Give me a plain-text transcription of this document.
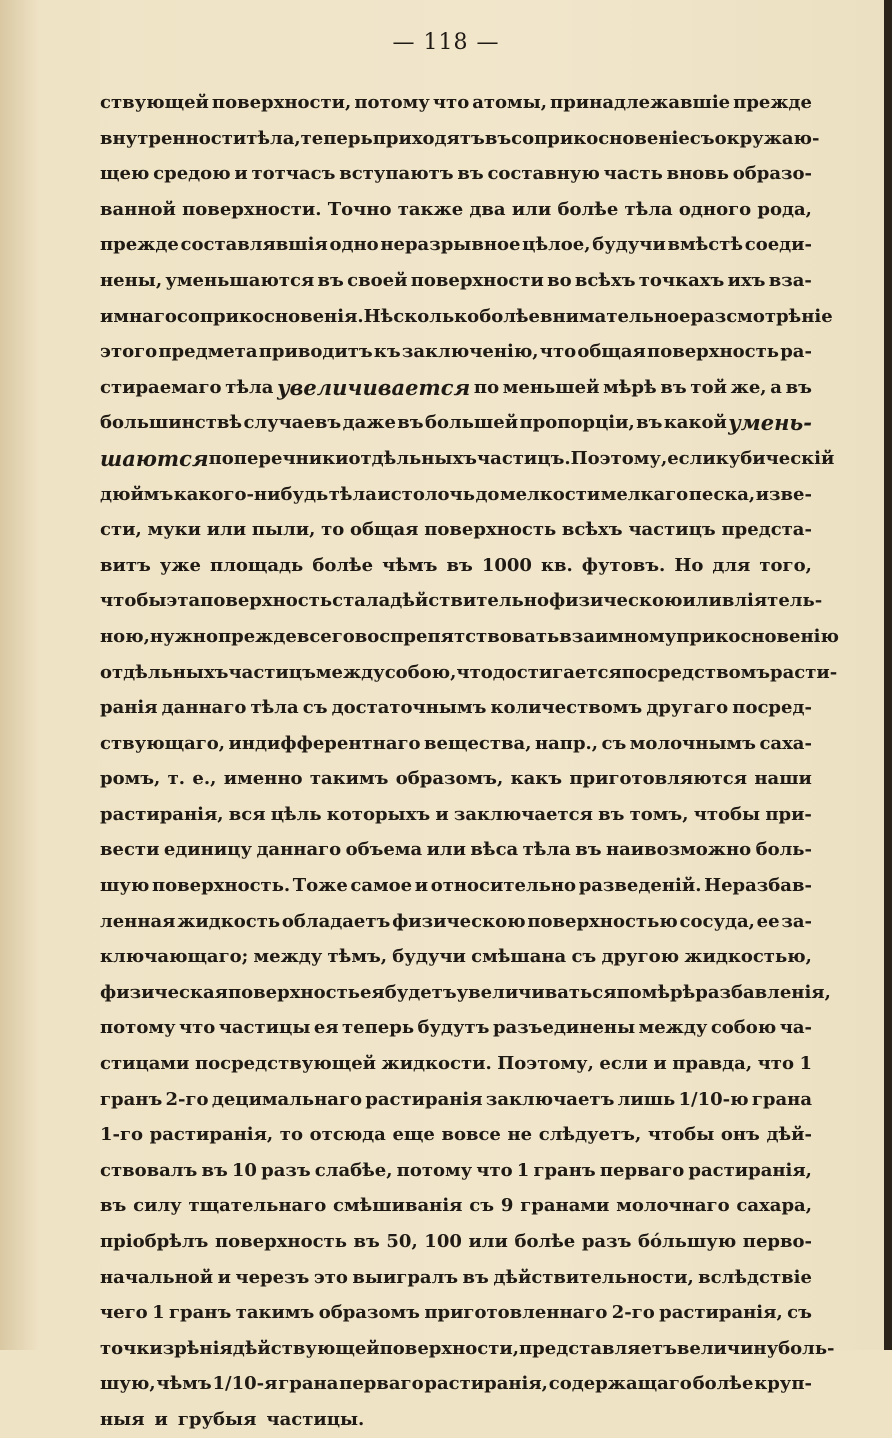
— 118 —
ствующей поверхности, потому что атомы, принадлежавшіе прежде
внутренности тѣла, теперь приходятъ въ соприкосновеніе съ окружаю-
щею средою и тотчасъ вступаютъ въ составную часть вновь образо-
ванной поверхности. Точно также два или болѣе тѣла одного рода,
прежде составлявшія одно неразрывное цѣлое, будучи вмѣстѣ соеди-
нены, уменьшаются въ своей поверхности во всѣхъ точкахъ ихъ вза-
имнаго соприкосновенія. Нѣсколько болѣе внимательное разсмотрѣніе
этого предмета приводитъ къ заключенію, что общая поверхность ра-
стираемаго тѣла увеличивается по меньшей мѣрѣ въ той же, а въ
большинствѣ случаевъ даже въ большей пропорціи, въ какой умень-
шаются поперечники отдѣльныхъ частицъ. Поэтому, если кубическій
дюймъ какого-нибудь тѣла истолочь до мелкости мелкаго песка, изве-
сти, муки или пыли, то общая поверхность всѣхъ частицъ предста-
витъ уже площадь болѣе чѣмъ въ 1000 кв. футовъ. Но для того,
чтобы эта поверхность стала дѣйствительно физическою или вліятель-
ною, нужно прежде всего воспрепятствовать взаимному прикосновенію
отдѣльныхъ частицъ между собою, что достигается посредствомъ расти-
ранія даннаго тѣла съ достаточнымъ количествомъ другаго посред-
ствующаго, индифферентнаго вещества, напр., съ молочнымъ саха-
ромъ, т. е., именно такимъ образомъ, какъ приготовляются наши
растиранія, вся цѣль которыхъ и заключается въ томъ, чтобы при-
вести единицу даннаго объема или вѣса тѣла въ наивозможно боль-
шую поверхность. Тоже самое и относительно разведеній. Неразбав-
ленная жидкость обладаетъ физическою поверхностью сосуда, ее за-
ключающаго; между тѣмъ, будучи смѣшана съ другою жидкостью,
физическая поверхность ея будетъ увеличиваться по мѣрѣ разбавленія,
потому что частицы ея теперь будутъ разъединены между собою ча-
стицами посредствующей жидкости. Поэтому, если и правда, что 1
гранъ 2-го децимальнаго растиранія заключаетъ лишь 1/10-ю грана
1-го растиранія, то отсюда еще вовсе не слѣдуетъ, чтобы онъ дѣй-
ствовалъ въ 10 разъ слабѣе, потому что 1 гранъ перваго растиранія,
въ силу тщательнаго смѣшиванія съ 9 гранами молочнаго сахара,
пріобрѣлъ поверхность въ 50, 100 или болѣе разъ бóльшую перво-
начальной и черезъ это выигралъ въ дѣйствительности, вслѣдствіе
чего 1 гранъ такимъ образомъ приготовленнаго 2-го растиранія, съ
точки зрѣнія дѣйствующей поверхности, представляетъ величину боль-
шую, чѣмъ 1/10-я грана перваго растиранія, содержащаго болѣе круп-
ныя и грубыя частицы.
